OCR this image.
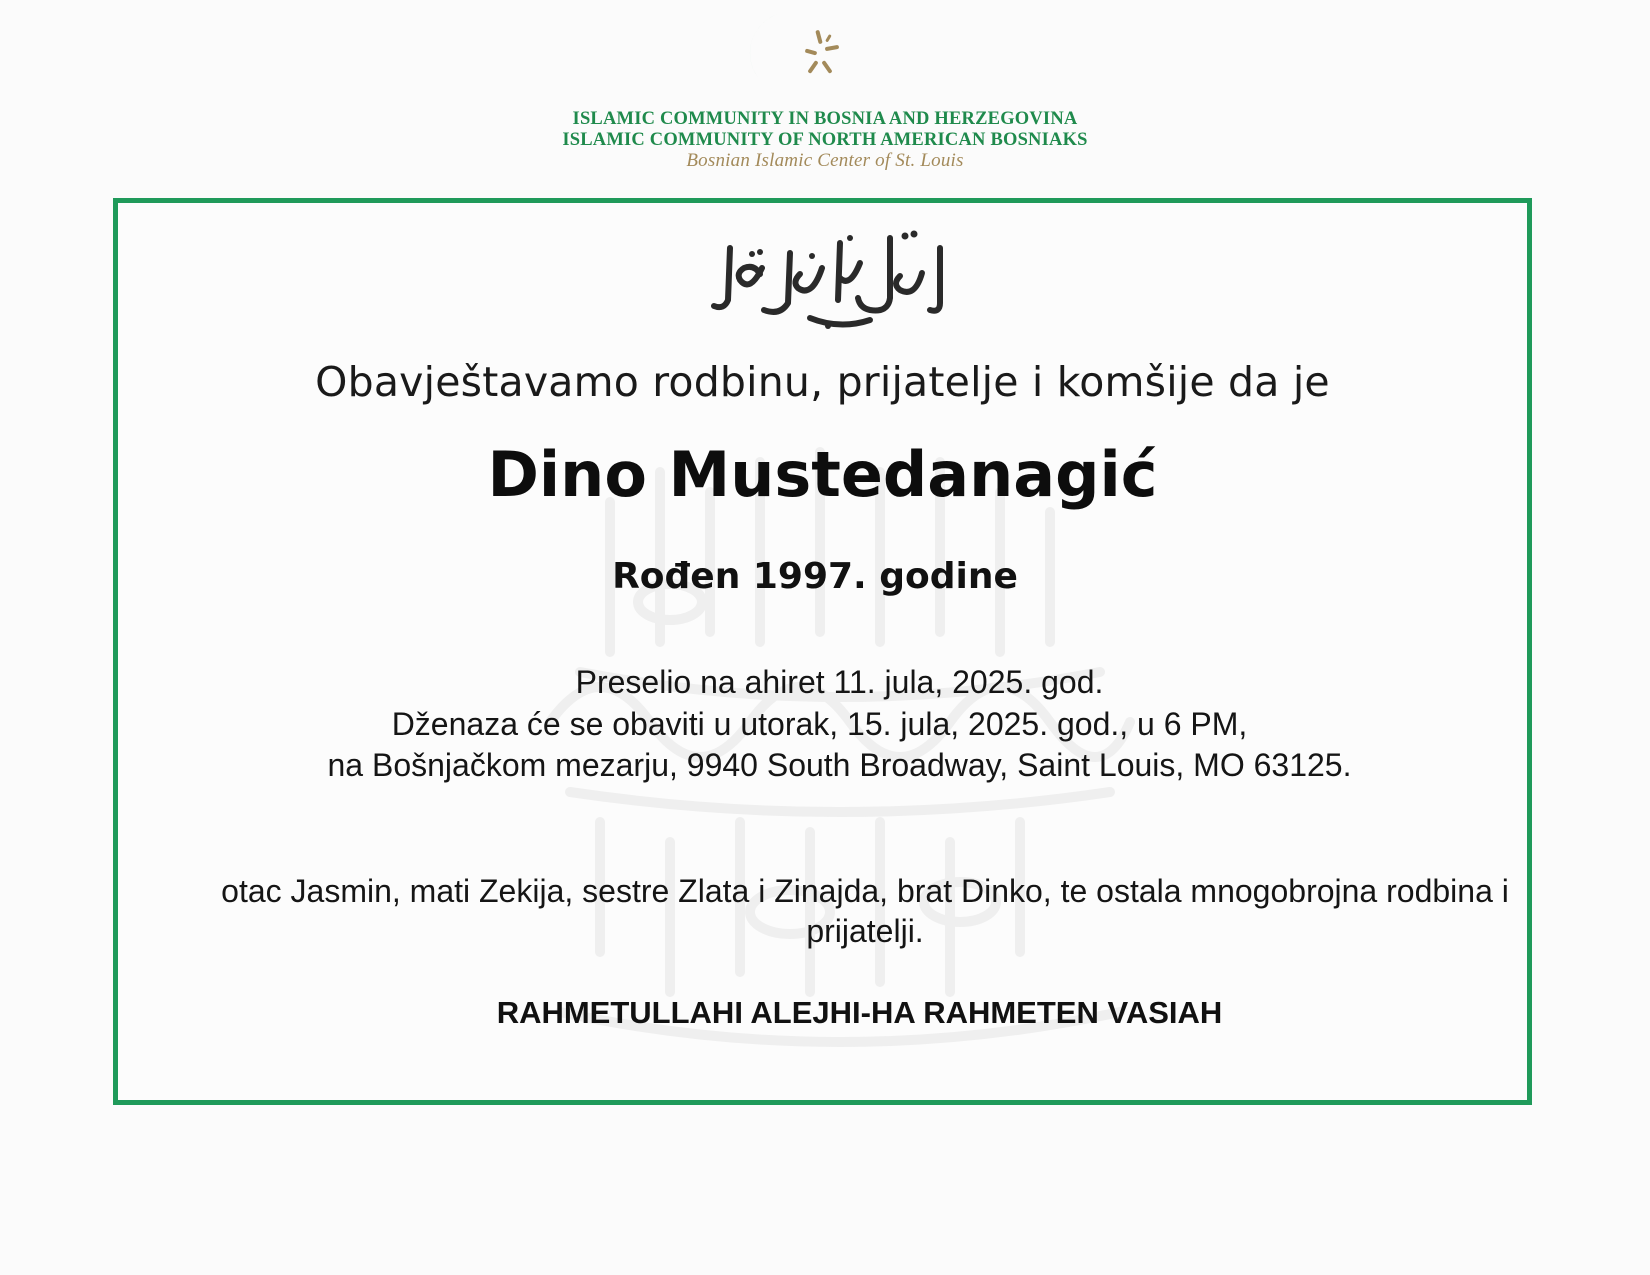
ISLAMIC COMMUNITY IN BOSNIA AND HERZEGOVINA
ISLAMIC COMMUNITY OF NORTH AMERICAN BOSNIAKS
Bosnian Islamic Center of St. Louis
Obavještavamo rodbinu, prijatelje i komšije da je
Dino Mustedanagić
Rođen 1997. godine
Preselio na ahiret 11. jula, 2025. god.
Dženaza će se obaviti u utorak, 15. jula, 2025. god., u 6 PM,
na Bošnjačkom mezarju, 9940 South Broadway, Saint Louis, MO 63125.
otac Jasmin, mati Zekija, sestre Zlata i Zinajda, brat Dinko, te ostala mnogobrojna rodbina i prijatelji.
RAHMETULLAHI ALEJHI-HA RAHMETEN VASIAH
